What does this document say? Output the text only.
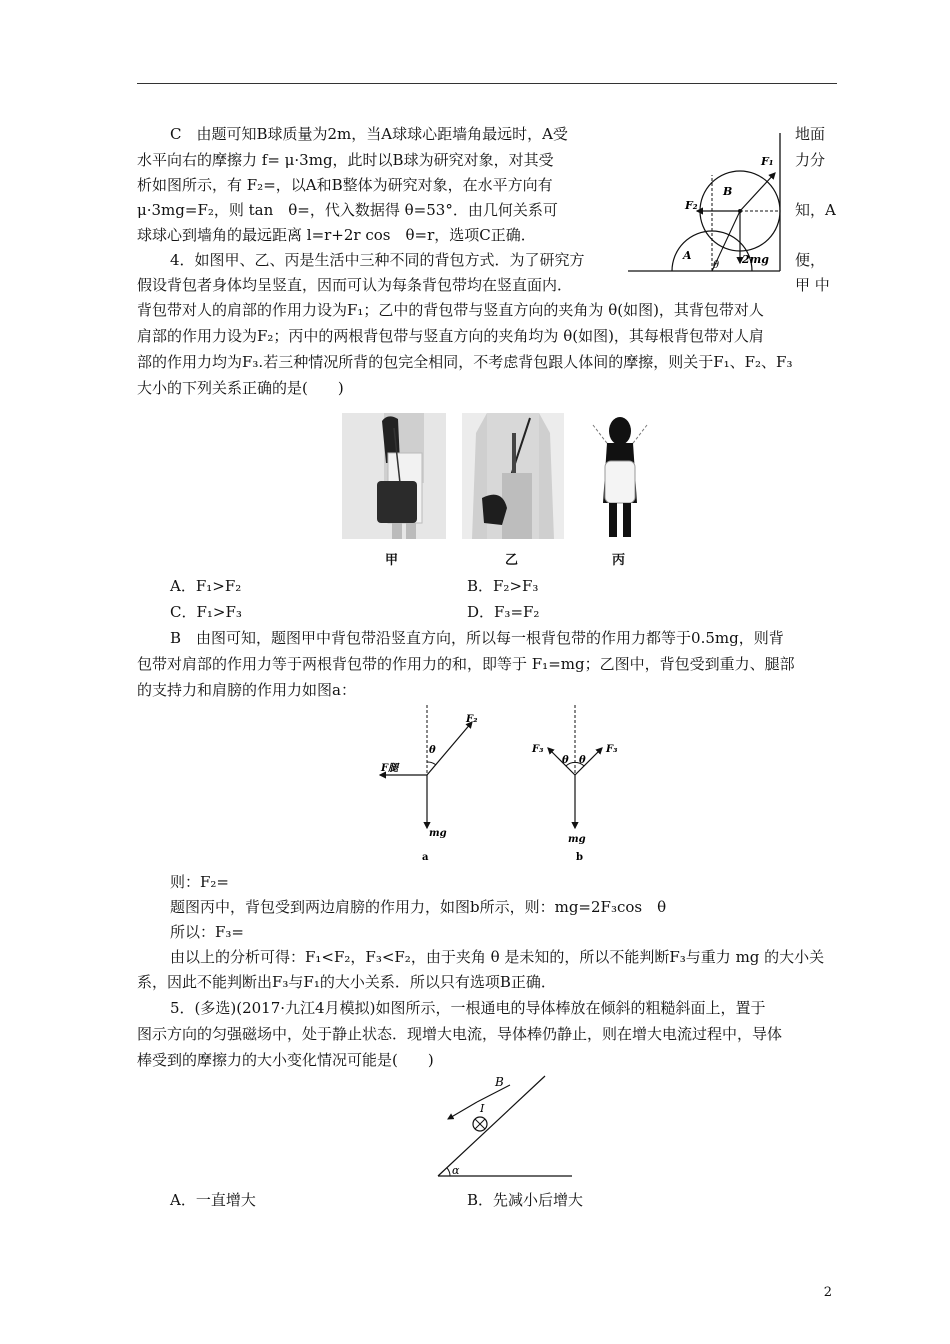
C　由题可知B球质量为2m，当A球球心距墙角最远时，A受	地面
水平向右的摩擦力 f= μ·3mg，此时以B球为研究对象，对其受	力分
析如图所示，有 F₂=，以A和B整体为研究对象，在水平方向有
μ·3mg=F₂，则 tan　θ=，代入数据得 θ=53°．由几何关系可	知，A
球球心到墙角的最远距离 l=r+2r cos　θ=r，选项C正确．
F₁
F₂
B
A
θ 2mg
4．如图甲、乙、丙是生活中三种不同的背包方式．为了研究方	便，
假设背包者身体均呈竖直，因而可认为每条背包带均在竖直面内．	甲 中
背包带对人的肩部的作用力设为F₁；乙中的背包带与竖直方向的夹角为 θ(如图)，其背包带对人
肩部的作用力设为F₂；丙中的两根背包带与竖直方向的夹角均为 θ(如图)，其每根背包带对人肩
部的作用力均为F₃.若三种情况所背的包完全相同，不考虑背包跟人体间的摩擦，则关于F₁、F₂、F₃
大小的下列关系正确的是(　　)
甲	乙	丙
A．F₁>F₂	B．F₂>F₃
C．F₁>F₃	D．F₃=F₂
B　由图可知，题图甲中背包带沿竖直方向，所以每一根背包带的作用力都等于0.5mg，则背
包带对肩部的作用力等于两根背包带的作用力的和，即等于 F₁=mg；乙图中，背包受到重力、腿部
的支持力和肩膀的作用力如图a：
F₂
F腿
θ
mg
a
F₃	F₃
θ θ
mg
b
则：F₂=
题图丙中，背包受到两边肩膀的作用力，如图b所示，则：mg=2F₃cos　θ
所以：F₃=
由以上的分析可得：F₁<F₂，F₃<F₂，由于夹角 θ 是未知的，所以不能判断F₃与重力 mg 的大小关
系，因此不能判断出F₃与F₁的大小关系．所以只有选项B正确．
5．(多选)(2017·九江4月模拟)如图所示，一根通电的导体棒放在倾斜的粗糙斜面上，置于
图示方向的匀强磁场中，处于静止状态．现增大电流，导体棒仍静止，则在增大电流过程中，导体
棒受到的摩擦力的大小变化情况可能是(　　)
B
I
α
A．一直增大	B．先减小后增大
2
